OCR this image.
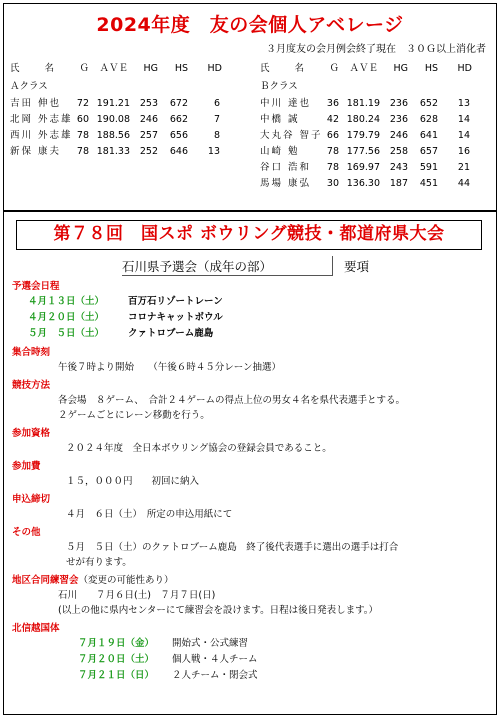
2024年度　友の会個人アベレージ
３月度友の会月例会終了現在　３０Ｇ以上消化者
氏　　名	Ｇ	ＡＶＥ	HG	HS	HD
Ａクラス
吉田 伸也	72 191.21	253	672	6
北岡 外志雄 60 190.08	246	662	7
西川 外志雄 78 188.56	257	656	8
新保 康夫	78 181.33	252	646	13
氏　　名	Ｇ	ＡＶＥ	HG	HS	HD
Ｂクラス
中川 達也	36 181.19	236	652	13
中橋 誠	42 180.24	236	628	14
大丸谷 智子 66 179.79	246	641	14
山崎 勉	78 177.56	258	657	16
谷口 浩和	78 169.97	243	591	21
馬場 康弘	30 136.30	187	451	44
第７８回　国スポ ボウリング競技・都道府県大会
石川県予選会（成年の部）	要項
予選会日程
４月１３日（土）	百万石リゾートレーン
４月２０日（土）	コロナキャットボウル
５月　５日（土）	クァトロブーム鹿島
集合時刻
午後７時より開始　　（午後６時４５分レーン抽選）
競技方法
各会場　８ゲーム、　合計２４ゲームの得点上位の男女４名を県代表選手とする。
２ゲームごとにレーン移動を行う。
参加資格
２０２４年度　全日本ボウリング協会の登録会員であること。
参加費
１５，０００円　　初回に納入
申込締切
４月　６日（土）　所定の申込用紙にて
その他
５月　５日（土）のクァトロブーム鹿島　終了後代表選手に選出の選手は打合
せが有ります。
地区合同練習会（変更の可能性あり）
石川　　７月６日(土)　７月７日(日)
(以上の他に県内センターにて練習会を設けます。日程は後日発表します。）
北信越国体
７月１９日（金） 開始式・公式練習
７月２０日（土） 個人戦・４人チーム
７月２１日（日） ２人チーム・閉会式
